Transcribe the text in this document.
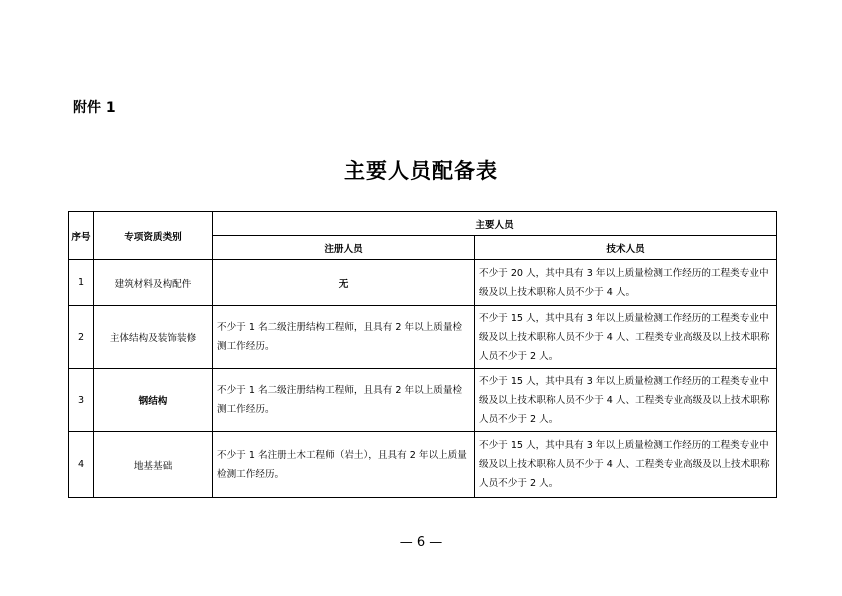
附件 1
主要人员配备表
序号	专项资质类别	主要人员	
		注册人员	技术人员
1	建筑材料及构配件	无	不少于 20 人，其中具有 3 年以上质量检测工作经历的工程类专业中级及以上技术职称人员不少于 4 人。
2	主体结构及装饰装修	不少于 1 名二级注册结构工程师，且具有 2 年以上质量检测工作经历。	不少于 15 人，其中具有 3 年以上质量检测工作经历的工程类专业中级及以上技术职称人员不少于 4 人、工程类专业高级及以上技术职称人员不少于 2 人。
3	钢结构	不少于 1 名二级注册结构工程师，且具有 2 年以上质量检测工作经历。	不少于 15 人，其中具有 3 年以上质量检测工作经历的工程类专业中级及以上技术职称人员不少于 4 人、工程类专业高级及以上技术职称人员不少于 2 人。
4	地基基础	不少于 1 名注册土木工程师（岩土），且具有 2 年以上质量检测工作经历。	不少于 15 人，其中具有 3 年以上质量检测工作经历的工程类专业中级及以上技术职称人员不少于 4 人、工程类专业高级及以上技术职称人员不少于 2 人。
— 6 —
